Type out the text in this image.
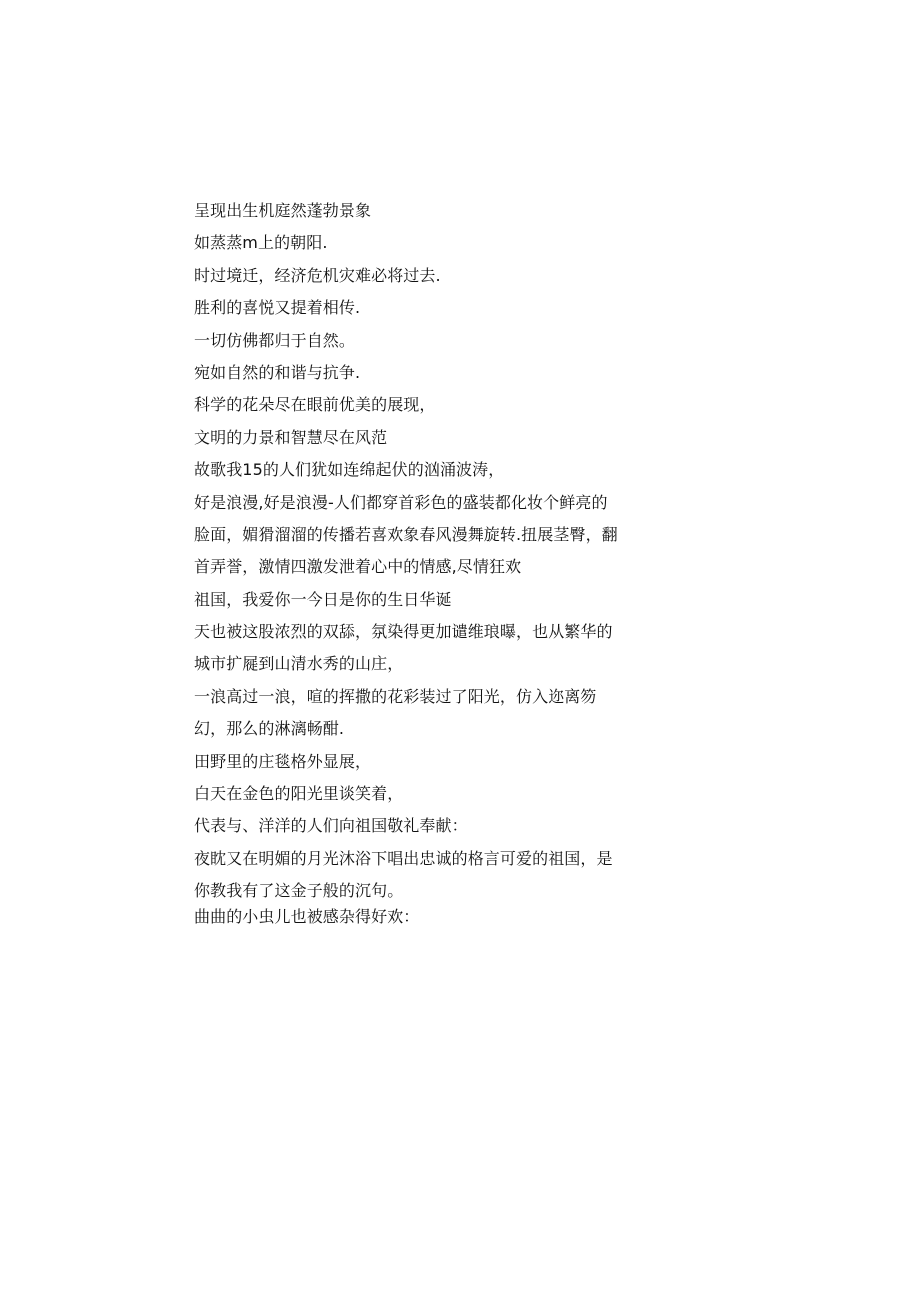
呈现出生机庭然蓬勃景象
如蒸蒸m上的朝阳.
时过境迁，经济危机灾难必将过去.
胜利的喜悦又提着相传.
一切仿佛都归于自然。
宛如自然的和谐与抗争.
科学的花朵尽在眼前优美的展现，
文明的力景和智慧尽在风范
故歌我15的人们犹如连绵起伏的汹涌波涛，
好是浪漫,好是浪漫-人们都穿首彩色的盛装都化妆个鲜亮的
脸面，媚猾溜溜的传播若喜欢象春风漫舞旋转.扭展茎臀，翻
首弄誉，激情四激发泄着心中的情感,尽情狂欢
祖国，我爱你一今日是你的生日华诞
天也被这股浓烈的双舔，氛染得更加谴维琅曝，也从繁华的
城市扩屣到山清水秀的山庄，
一浪高过一浪，喧的挥撒的花彩装过了阳光，仿入迩离笏
幻，那么的淋漓畅酣.
田野里的庄毯格外显展，
白天在金色的阳光里谈笑着，
代表与、洋洋的人们向祖国敬礼奉献：
夜眈又在明媚的月光沐浴下唱出忠诚的格言可爱的祖国，是
你教我有了这金子般的沉句。
曲曲的小虫儿也被感杂得好欢：
